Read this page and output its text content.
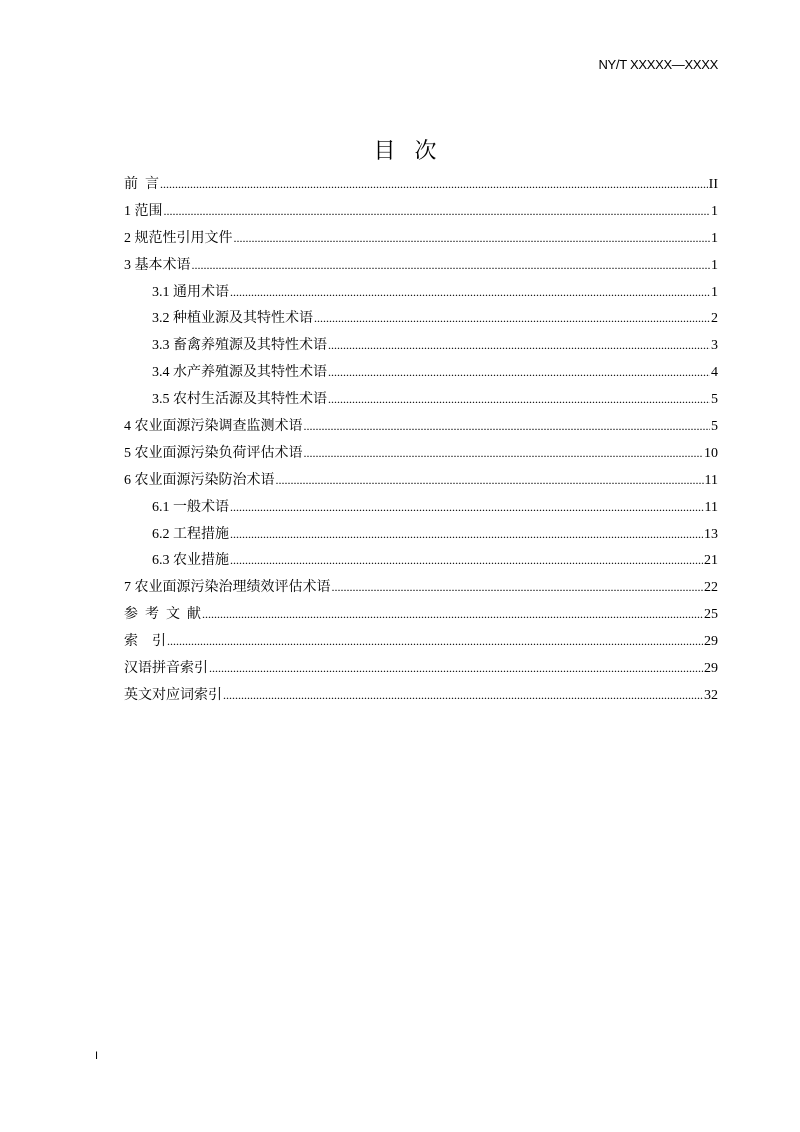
NY/T XXXXX—XXXX
目 次
前  言 .....	II
1 范围 .....	1
2 规范性引用文件 .....	1
3 基本术语 .....	1
3.1 通用术语 .....	1
3.2 种植业源及其特性术语 .....	2
3.3 畜禽养殖源及其特性术语 .....	3
3.4 水产养殖源及其特性术语 .....	4
3.5 农村生活源及其特性术语 .....	5
4 农业面源污染调查监测术语 .....	5
5 农业面源污染负荷评估术语 .....	10
6 农业面源污染防治术语 .....	11
6.1 一般术语 .....	11
6.2 工程措施 .....	13
6.3 农业措施 .....	21
7 农业面源污染治理绩效评估术语 .....	22
参  考  文  献 .....	25
索    引 .....	29
汉语拼音索引 .....	29
英文对应词索引 .....	32
I
